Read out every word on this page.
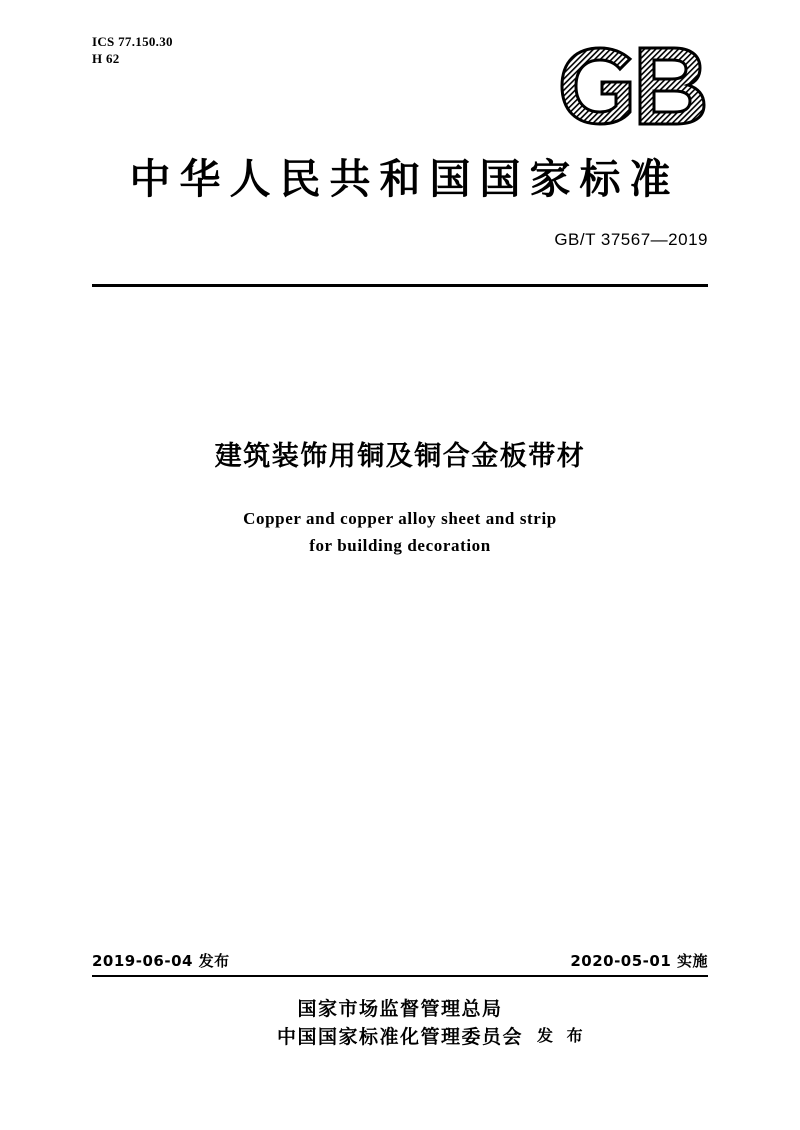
ICS 77.150.30
H 62
中华人民共和国国家标准
GB/T 37567—2019
建筑装饰用铜及铜合金板带材
Copper and copper alloy sheet and strip
for building decoration
2019-06-04 发布	2020-05-01 实施
国家市场监督管理总局
中国国家标准化管理委员会 发 布
